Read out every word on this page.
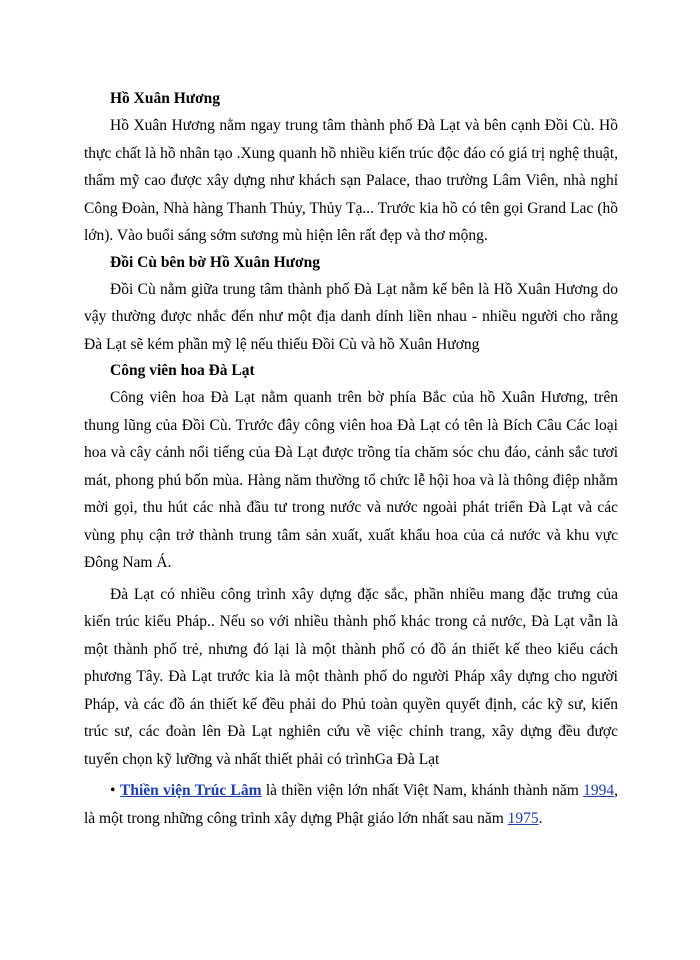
Hồ Xuân Hương

Hồ Xuân Hương nằm ngay trung tâm thành phố Đà Lạt và bên cạnh Đồi Cù. Hồ thực chất là hồ nhân tạo .Xung quanh hồ nhiều kiến trúc độc đáo có giá trị nghệ thuật, thẩm mỹ cao được xây dựng như khách sạn Palace, thao trường Lâm Viên, nhà nghỉ Công Đoàn, Nhà hàng Thanh Thủy, Thủy Tạ... Trước kia hồ có tên gọi Grand Lac (hồ lớn). Vào buổi sáng sớm sương mù hiện lên rất đẹp và thơ mộng.

Đồi Cù bên bờ Hồ Xuân Hương

Đồi Cù nằm giữa trung tâm thành phố Đà Lạt nằm kế bên là Hồ Xuân Hương do vậy thường được nhắc đến như một địa danh dính liền nhau - nhiều người cho rằng Đà Lạt sẽ kém phần mỹ lệ nếu thiếu Đồi Cù và hồ Xuân Hương

Công viên hoa Đà Lạt

Công viên hoa Đà Lạt nằm quanh trên bờ phía Bắc của hồ Xuân Hương, trên thung lũng của Đồi Cù. Trước đây công viên hoa Đà Lạt có tên là Bích Câu Các loại hoa và cây cảnh nổi tiếng của Đà Lạt được trồng tỉa chăm sóc chu đáo, cảnh sắc tươi mát, phong phú bốn mùa. Hàng năm thường tổ chức lễ hội hoa và là thông điệp nhằm mời gọi, thu hút các nhà đầu tư trong nước và nước ngoài phát triển Đà Lạt và các vùng phụ cận trở thành trung tâm sản xuất, xuất khẩu hoa của cả nước và khu vực Đông Nam Á.

Đà Lạt có nhiều công trình xây dựng đặc sắc, phần nhiều mang đặc trưng của kiến trúc kiểu Pháp.. Nếu so với nhiều thành phố khác trong cả nước, Đà Lạt vẫn là một thành phố trẻ, nhưng đó lại là một thành phố có đồ án thiết kế theo kiểu cách phương Tây. Đà Lạt trước kia là một thành phố do người Pháp xây dựng cho người Pháp, và các đồ án thiết kế đều phải do Phủ toàn quyền quyết định, các kỹ sư, kiến trúc sư, các đoàn lên Đà Lạt nghiên cứu về việc chỉnh trang, xây dựng đều được tuyển chọn kỹ lưỡng và nhất thiết phải có trìnhGa Đà Lạt

• Thiền viện Trúc Lâm là thiền viện lớn nhất Việt Nam, khánh thành năm 1994, là một trong những công trình xây dựng Phật giáo lớn nhất sau năm 1975.
